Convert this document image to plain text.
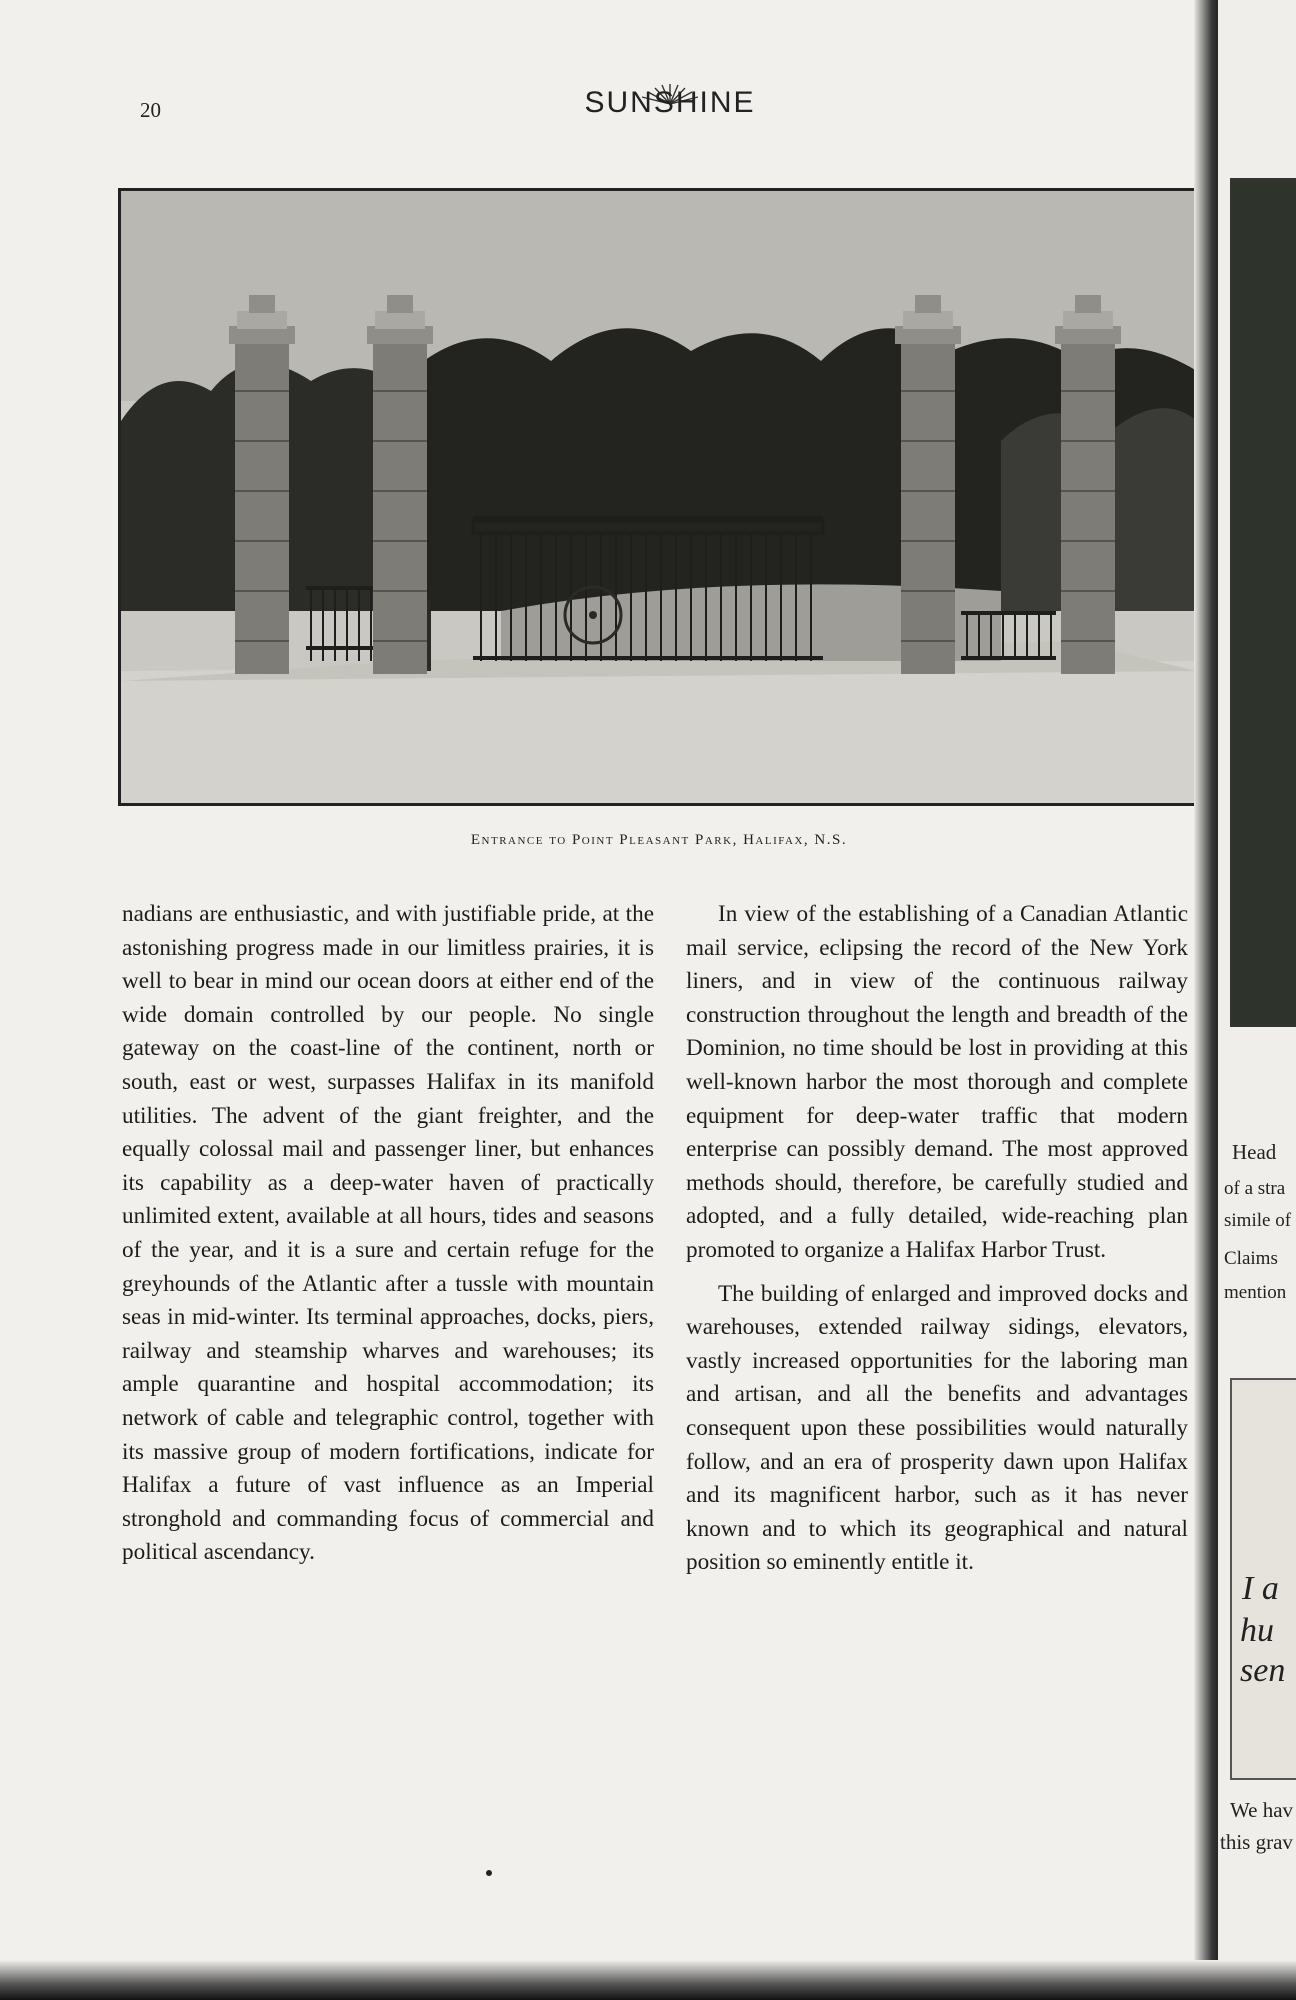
20	SUNSHINE
Entrance to Point Pleasant Park, Halifax, N.S.

nadians are enthusiastic, and with justifiable pride, at the astonishing progress made in our limitless prairies, it is well to bear in mind our ocean doors at either end of the wide domain controlled by our people. No single gateway on the coast-line of the continent, north or south, east or west, surpasses Halifax in its manifold utilities. The advent of the giant freighter, and the equally colossal mail and passenger liner, but enhances its capability as a deep-water haven of practically unlimited extent, available at all hours, tides and seasons of the year, and it is a sure and certain refuge for the greyhounds of the Atlantic after a tussle with mountain seas in mid-winter. Its terminal approaches, docks, piers, railway and steamship wharves and warehouses; its ample quarantine and hospital accommodation; its network of cable and telegraphic control, together with its massive group of modern fortifications, indicate for Halifax a future of vast influence as an Imperial stronghold and commanding focus of commercial and political ascendancy.

In view of the establishing of a Canadian Atlantic mail service, eclipsing the record of the New York liners, and in view of the continuous railway construction throughout the length and breadth of the Dominion, no time should be lost in providing at this well-known harbor the most thorough and complete equipment for deep-water traffic that modern enterprise can possibly demand. The most approved methods should, therefore, be carefully studied and adopted, and a fully detailed, wide-reaching plan promoted to organize a Halifax Harbor Trust.

The building of enlarged and improved docks and warehouses, extended railway sidings, elevators, vastly increased opportunities for the laboring man and artisan, and all the benefits and advantages consequent upon these possibilities would naturally follow, and an era of prosperity dawn upon Halifax and its magnificent harbor, such as it has never known and to which its geographical and natural position so eminently entitle it.

Head
of a stra
simile of
Claims
mention
I a
hu
sen
We hav
this grav
